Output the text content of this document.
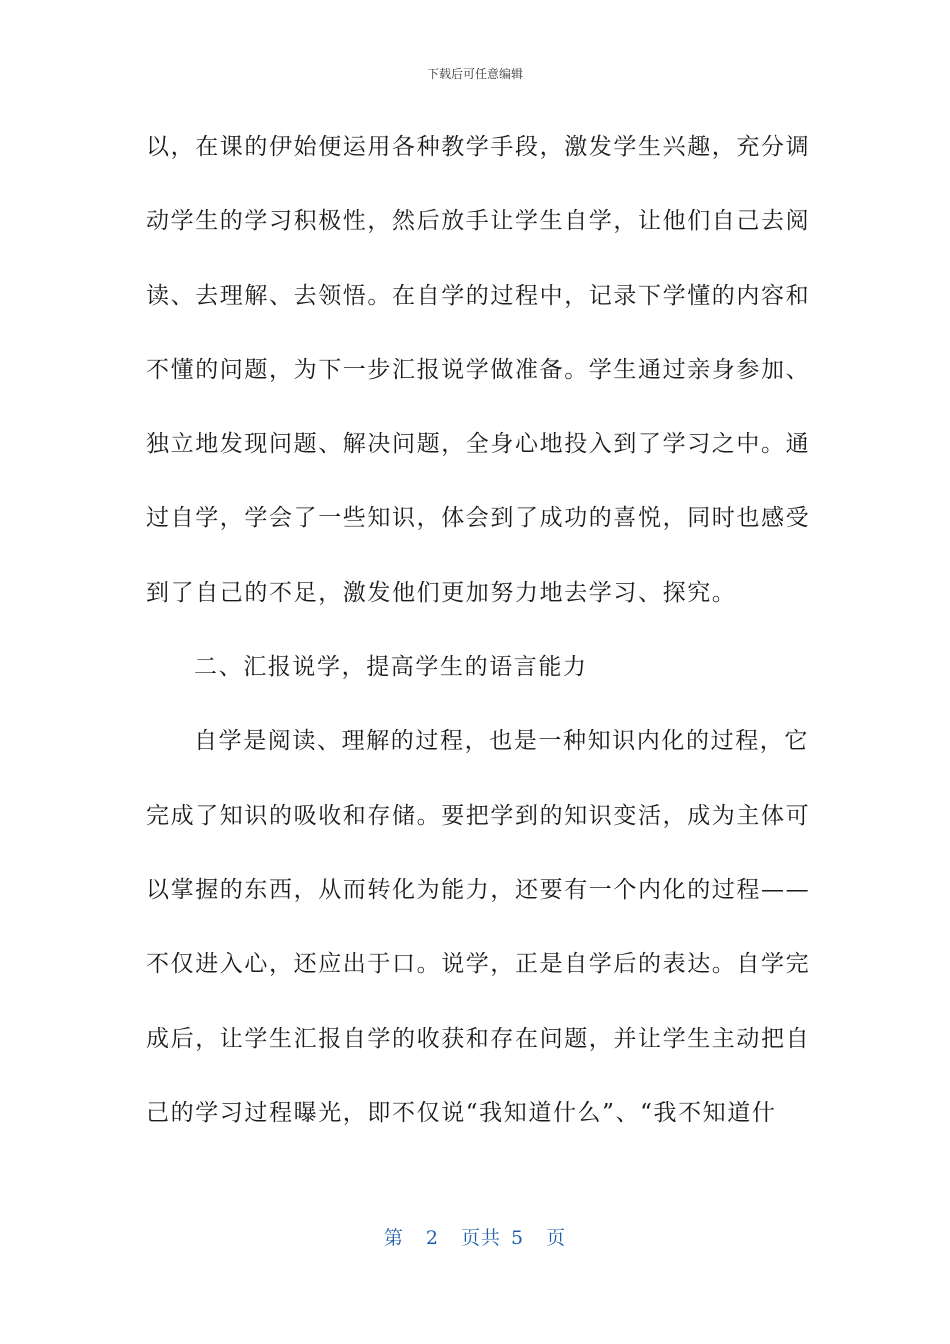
下载后可任意编辑
以，在课的伊始便运用各种教学手段，激发学生兴趣，充分调
动学生的学习积极性，然后放手让学生自学，让他们自己去阅
读、去理解、去领悟。在自学的过程中，记录下学懂的内容和
不懂的问题，为下一步汇报说学做准备。学生通过亲身参加、
独立地发现问题、解决问题，全身心地投入到了学习之中。通
过自学，学会了一些知识，体会到了成功的喜悦，同时也感受
到了自己的不足，激发他们更加努力地去学习、探究。
二、汇报说学，提高学生的语言能力
自学是阅读、理解的过程，也是一种知识内化的过程，它
完成了知识的吸收和存储。要把学到的知识变活，成为主体可
以掌握的东西，从而转化为能力，还要有一个内化的过程——
不仅进入心，还应出于口。说学，正是自学后的表达。自学完
成后，让学生汇报自学的收获和存在问题，并让学生主动把自
己的学习过程曝光，即不仅说“我知道什么”、“我不知道什
第 2 页共 5 页
